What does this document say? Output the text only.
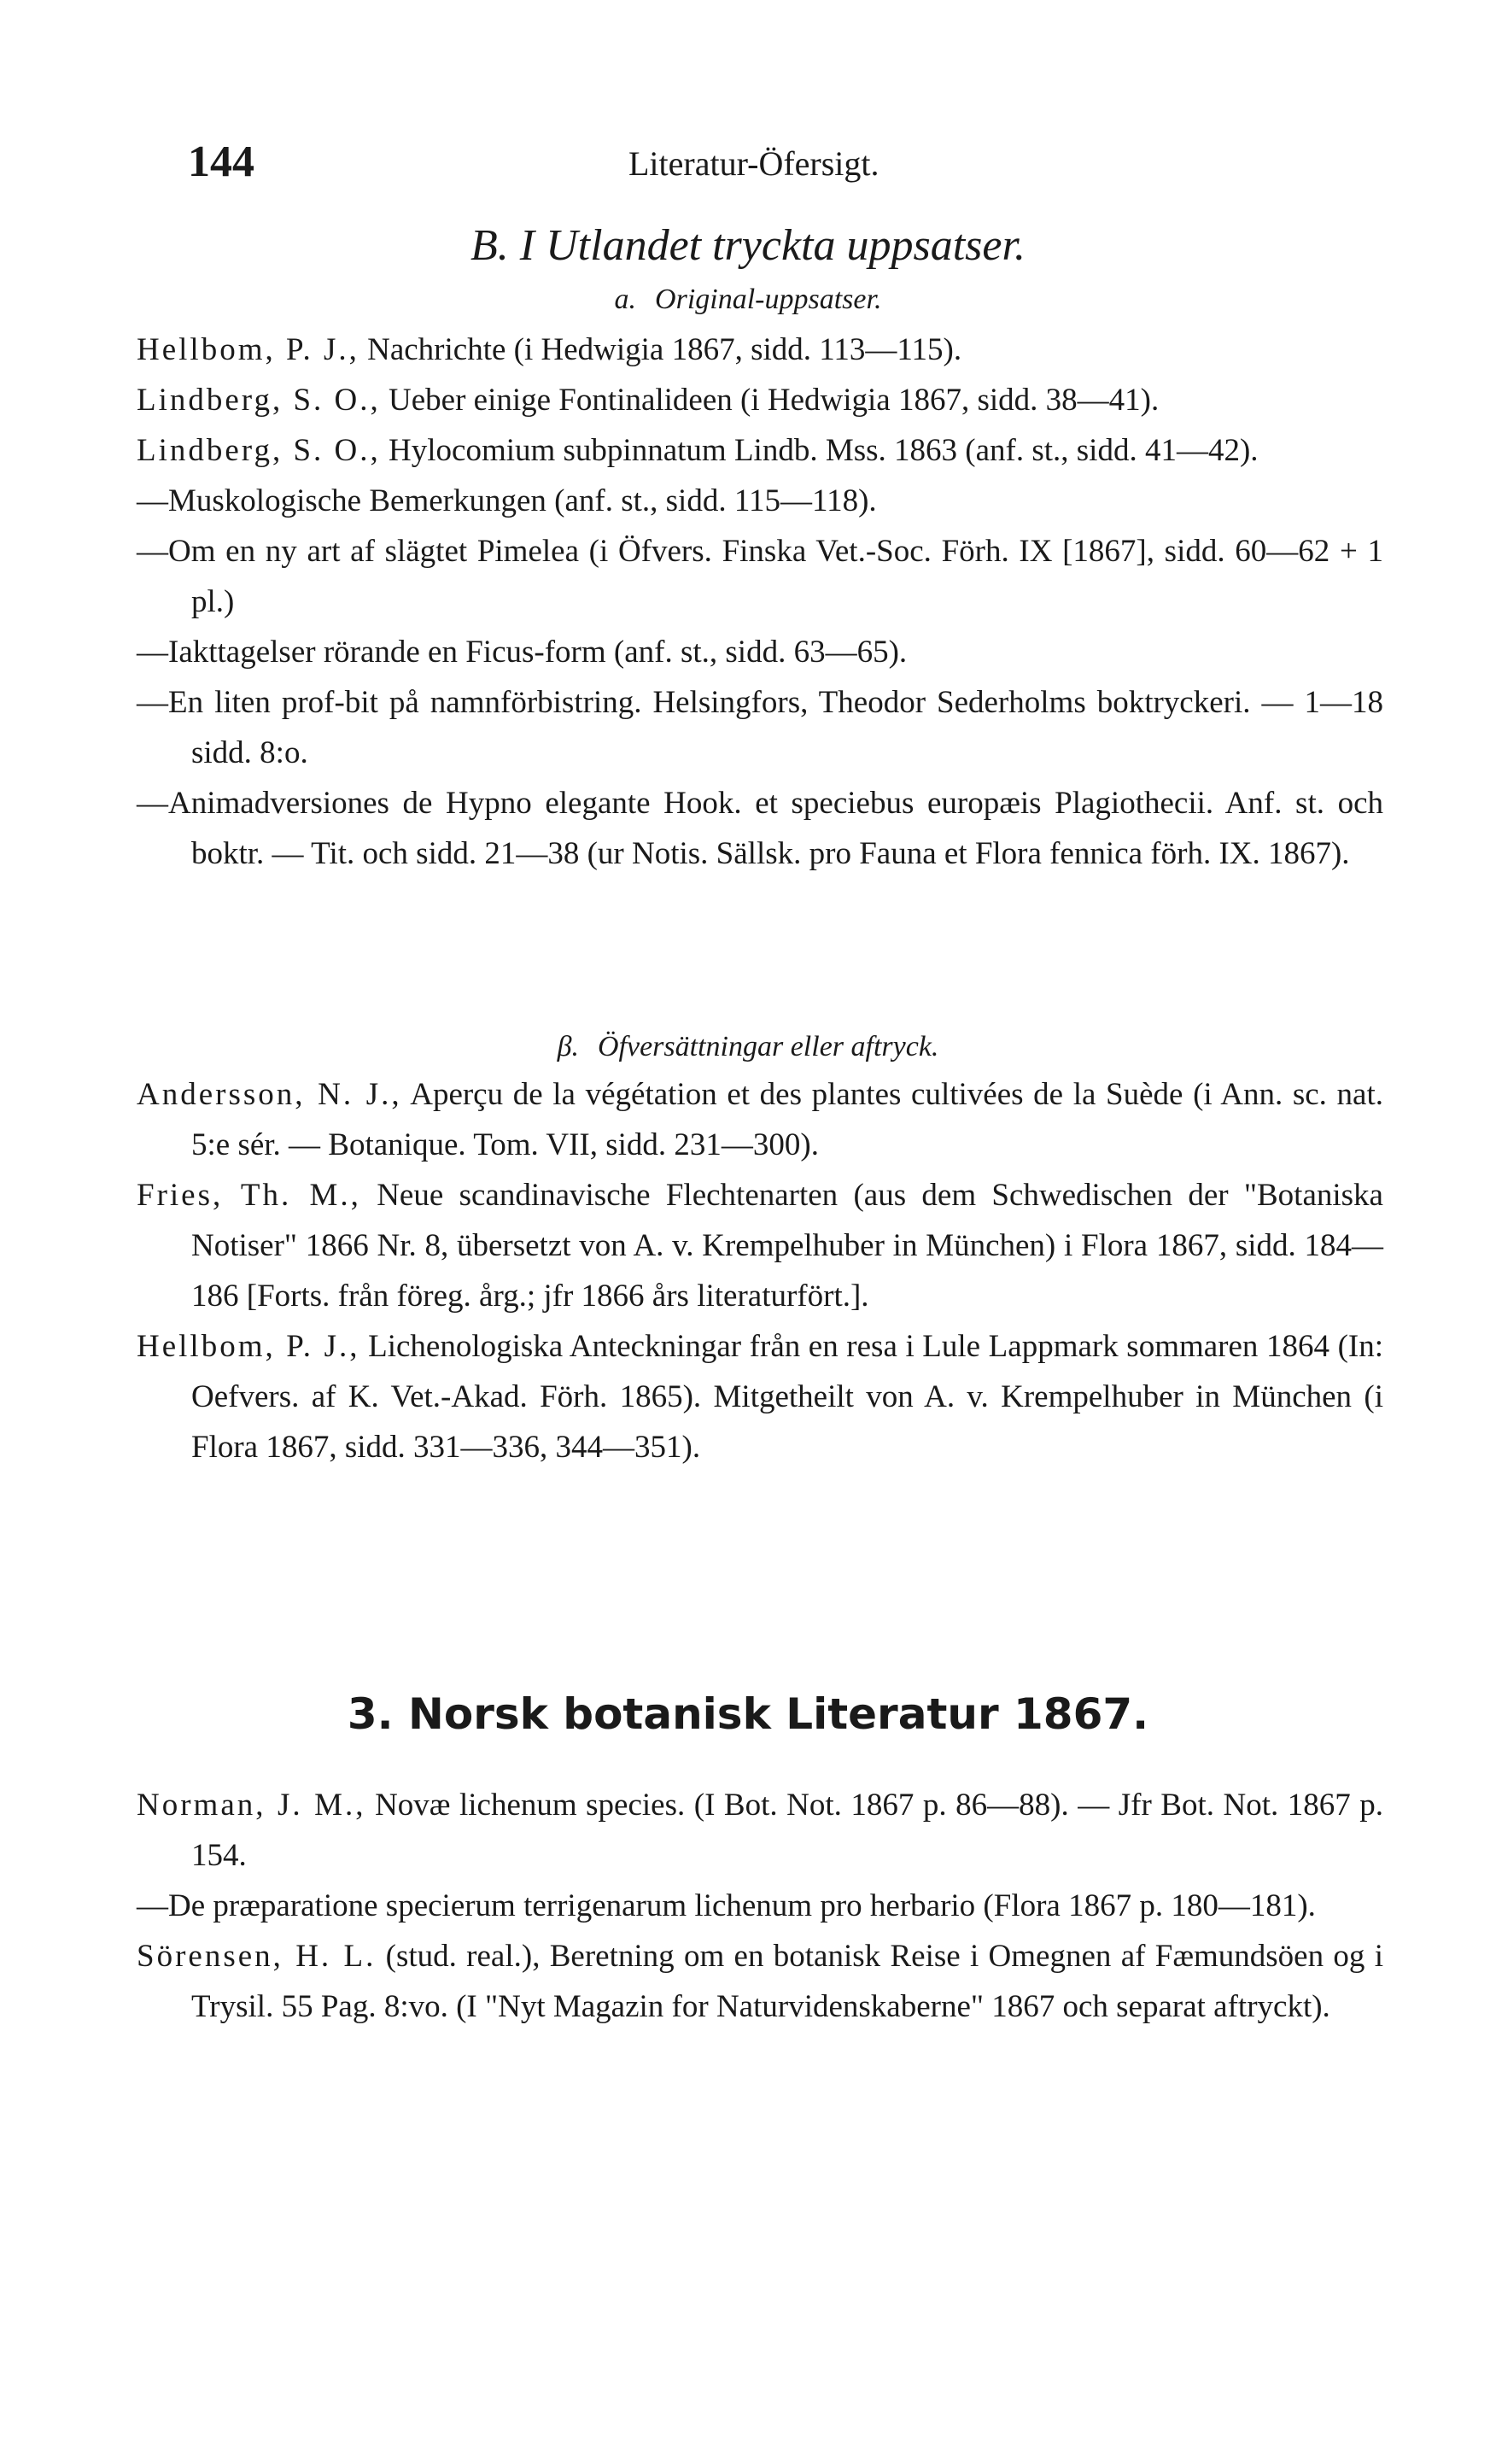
144	Literatur-Öfersigt.
B. I Utlandet tryckta uppsatser.
a. Original-uppsatser.
Hellbom, P. J., Nachrichte (i Hedwigia 1867, sidd. 113—115).
Lindberg, S. O., Ueber einige Fontinalideen (i Hedwigia 1867, sidd. 38—41).
Lindberg, S. O., Hylocomium subpinnatum Lindb. Mss. 1863 (anf. st., sidd. 41—42).
—Muskologische Bemerkungen (anf. st., sidd. 115—118).
—Om en ny art af slägtet Pimelea (i Öfvers. Finska Vet.-Soc. Förh. IX [1867], sidd. 60—62 + 1 pl.)
—Iakttagelser rörande en Ficus-form (anf. st., sidd. 63—65).
—En liten prof-bit på namnförbistring. Helsingfors, Theodor Sederholms boktryckeri. — 1—18 sidd. 8:o.
—Animadversiones de Hypno elegante Hook. et speciebus europæis Plagiothecii. Anf. st. och boktr. — Tit. och sidd. 21—38 (ur Notis. Sällsk. pro Fauna et Flora fennica förh. IX. 1867).
β. Öfversättningar eller aftryck.
Andersson, N. J., Aperçu de la végétation et des plantes cultivées de la Suède (i Ann. sc. nat. 5:e sér. — Botanique. Tom. VII, sidd. 231—300).
Fries, Th. M., Neue scandinavische Flechtenarten (aus dem Schwedischen der "Botaniska Notiser" 1866 Nr. 8, übersetzt von A. v. Krempelhuber in München) i Flora 1867, sidd. 184—186 [Forts. från föreg. årg.; jfr 1866 års literaturfört.].
Hellbom, P. J., Lichenologiska Anteckningar från en resa i Lule Lappmark sommaren 1864 (In: Oefvers. af K. Vet.-Akad. Förh. 1865). Mitgetheilt von A. v. Krempelhuber in München (i Flora 1867, sidd. 331—336, 344—351).
3. Norsk botanisk Literatur 1867.
Norman, J. M., Novæ lichenum species. (I Bot. Not. 1867 p. 86—88). — Jfr Bot. Not. 1867 p. 154.
—De præparatione specierum terrigenarum lichenum pro herbario (Flora 1867 p. 180—181).
Sörensen, H. L. (stud. real.), Beretning om en botanisk Reise i Omegnen af Fæmundsöen og i Trysil. 55 Pag. 8:vo. (I "Nyt Magazin for Naturvidenskaberne" 1867 och separat aftryckt).
